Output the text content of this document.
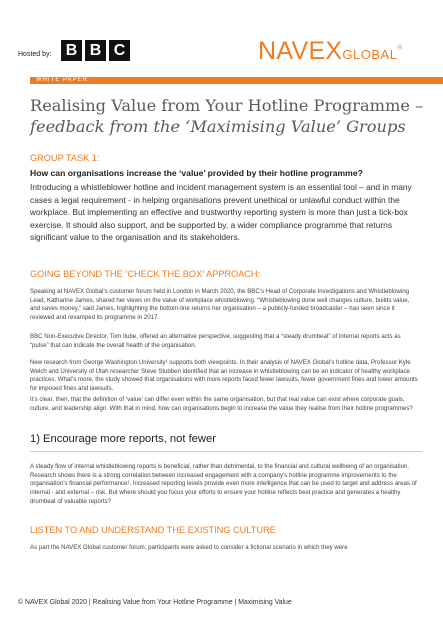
Hosted by: B B C	NAVEXGLOBAL®
WHITE PAPER
Realising Value from Your Hotline Programme –
feedback from the ‘Maximising Value’ Groups
GROUP TASK 1:
How can organisations increase the ‘value’ provided by their hotline programme?
Introducing a whistleblower hotline and incident management system is an essential tool – and in many cases a legal requirement - in helping organisations prevent unethical or unlawful conduct within the workplace. But implementing an effective and trustworthy reporting system is more than just a tick-box exercise. It should also support, and be supported by, a wider compliance programme that returns significant value to the organisation and its stakeholders.
GOING BEYOND THE ‘CHECK THE BOX’ APPROACH:
Speaking at NAVEX Global’s customer forum held in London in March 2020, the BBC’s Head of Corporate Investigations and Whistleblowing Lead, Katharine James, shared her views on the value of workplace whistleblowing. “Whistleblowing done well changes culture, builds value, and saves money,” said James, highlighting the bottom-line returns her organisation – a publicly-funded broadcaster – has seen since it reviewed and revamped its programme in 2017.
BBC Non-Executive Director, Tom Ilube, offered an alternative perspective, suggesting that a “steady drumbeat” of internal reports acts as “pulse” that can indicate the overall health of the organisation.
New research from George Washington University¹ supports both viewpoints. In their analysis of NAVEX Global’s hotline data, Professor Kyle Welch and University of Utah researcher Steve Stubben identified that an increase in whistleblowing can be an indicator of healthy workplace practices. What’s more, the study showed that organisations with more reports faced fewer lawsuits, fewer government fines and lower amounts for imposed fines and lawsuits.
It’s clear, then, that the definition of ‘value’ can differ even within the same organisation, but that real value can exist where corporate goals, culture, and leadership align. With that in mind, how can organisations begin to increase the value they realise from their hotline programmes?
1) Encourage more reports, not fewer
A steady flow of internal whistleblowing reports is beneficial, rather than detrimental, to the financial and cultural wellbeing of an organisation. Research shows there is a strong correlation between increased engagement with a company’s hotline programme improvements to the organisation’s financial performance¹. Increased reporting levels provide even more intelligence that can be used to target and address areas of internal - and external – risk. But where should you focus your efforts to ensure your hotline reflects best practice and generates a healthy drumbeat of valuable reports?
LISTEN TO AND UNDERSTAND THE EXISTING CULTURE
As part the NAVEX Global customer forum, participants were asked to consider a fictional scenario in which they were
© NAVEX Global 2020 | Realising Value from Your Hotline Programme | Maximising Value
